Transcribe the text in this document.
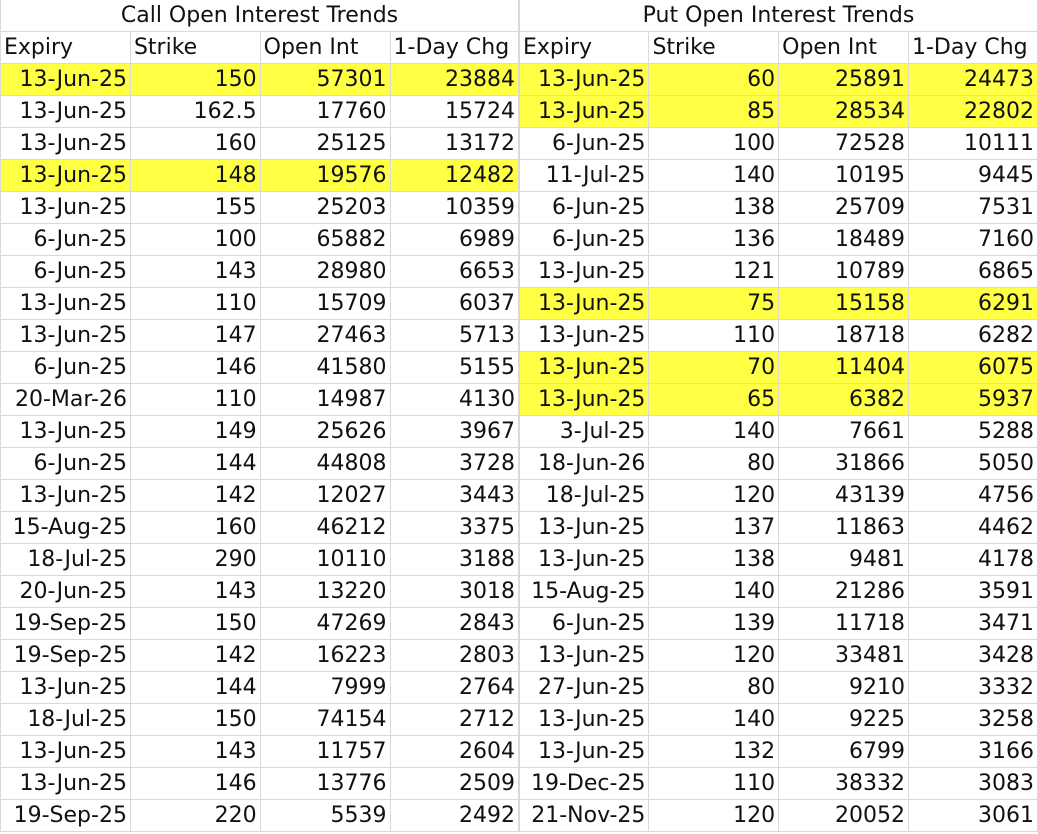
Call Open Interest Trends				Put Open Interest Trends			
Expiry	Strike	Open Int	1-Day Chg	Expiry	Strike	Open Int	1-Day Chg
13-Jun-25	150	57301	23884	13-Jun-25	60	25891	24473
13-Jun-25	162.5	17760	15724	13-Jun-25	85	28534	22802
13-Jun-25	160	25125	13172	6-Jun-25	100	72528	10111
13-Jun-25	148	19576	12482	11-Jul-25	140	10195	9445
13-Jun-25	155	25203	10359	6-Jun-25	138	25709	7531
6-Jun-25	100	65882	6989	6-Jun-25	136	18489	7160
6-Jun-25	143	28980	6653	13-Jun-25	121	10789	6865
13-Jun-25	110	15709	6037	13-Jun-25	75	15158	6291
13-Jun-25	147	27463	5713	13-Jun-25	110	18718	6282
6-Jun-25	146	41580	5155	13-Jun-25	70	11404	6075
20-Mar-26	110	14987	4130	13-Jun-25	65	6382	5937
13-Jun-25	149	25626	3967	3-Jul-25	140	7661	5288
6-Jun-25	144	44808	3728	18-Jun-26	80	31866	5050
13-Jun-25	142	12027	3443	18-Jul-25	120	43139	4756
15-Aug-25	160	46212	3375	13-Jun-25	137	11863	4462
18-Jul-25	290	10110	3188	13-Jun-25	138	9481	4178
20-Jun-25	143	13220	3018	15-Aug-25	140	21286	3591
19-Sep-25	150	47269	2843	6-Jun-25	139	11718	3471
19-Sep-25	142	16223	2803	13-Jun-25	120	33481	3428
13-Jun-25	144	7999	2764	27-Jun-25	80	9210	3332
18-Jul-25	150	74154	2712	13-Jun-25	140	9225	3258
13-Jun-25	143	11757	2604	13-Jun-25	132	6799	3166
13-Jun-25	146	13776	2509	19-Dec-25	110	38332	3083
19-Sep-25	220	5539	2492	21-Nov-25	120	20052	3061
